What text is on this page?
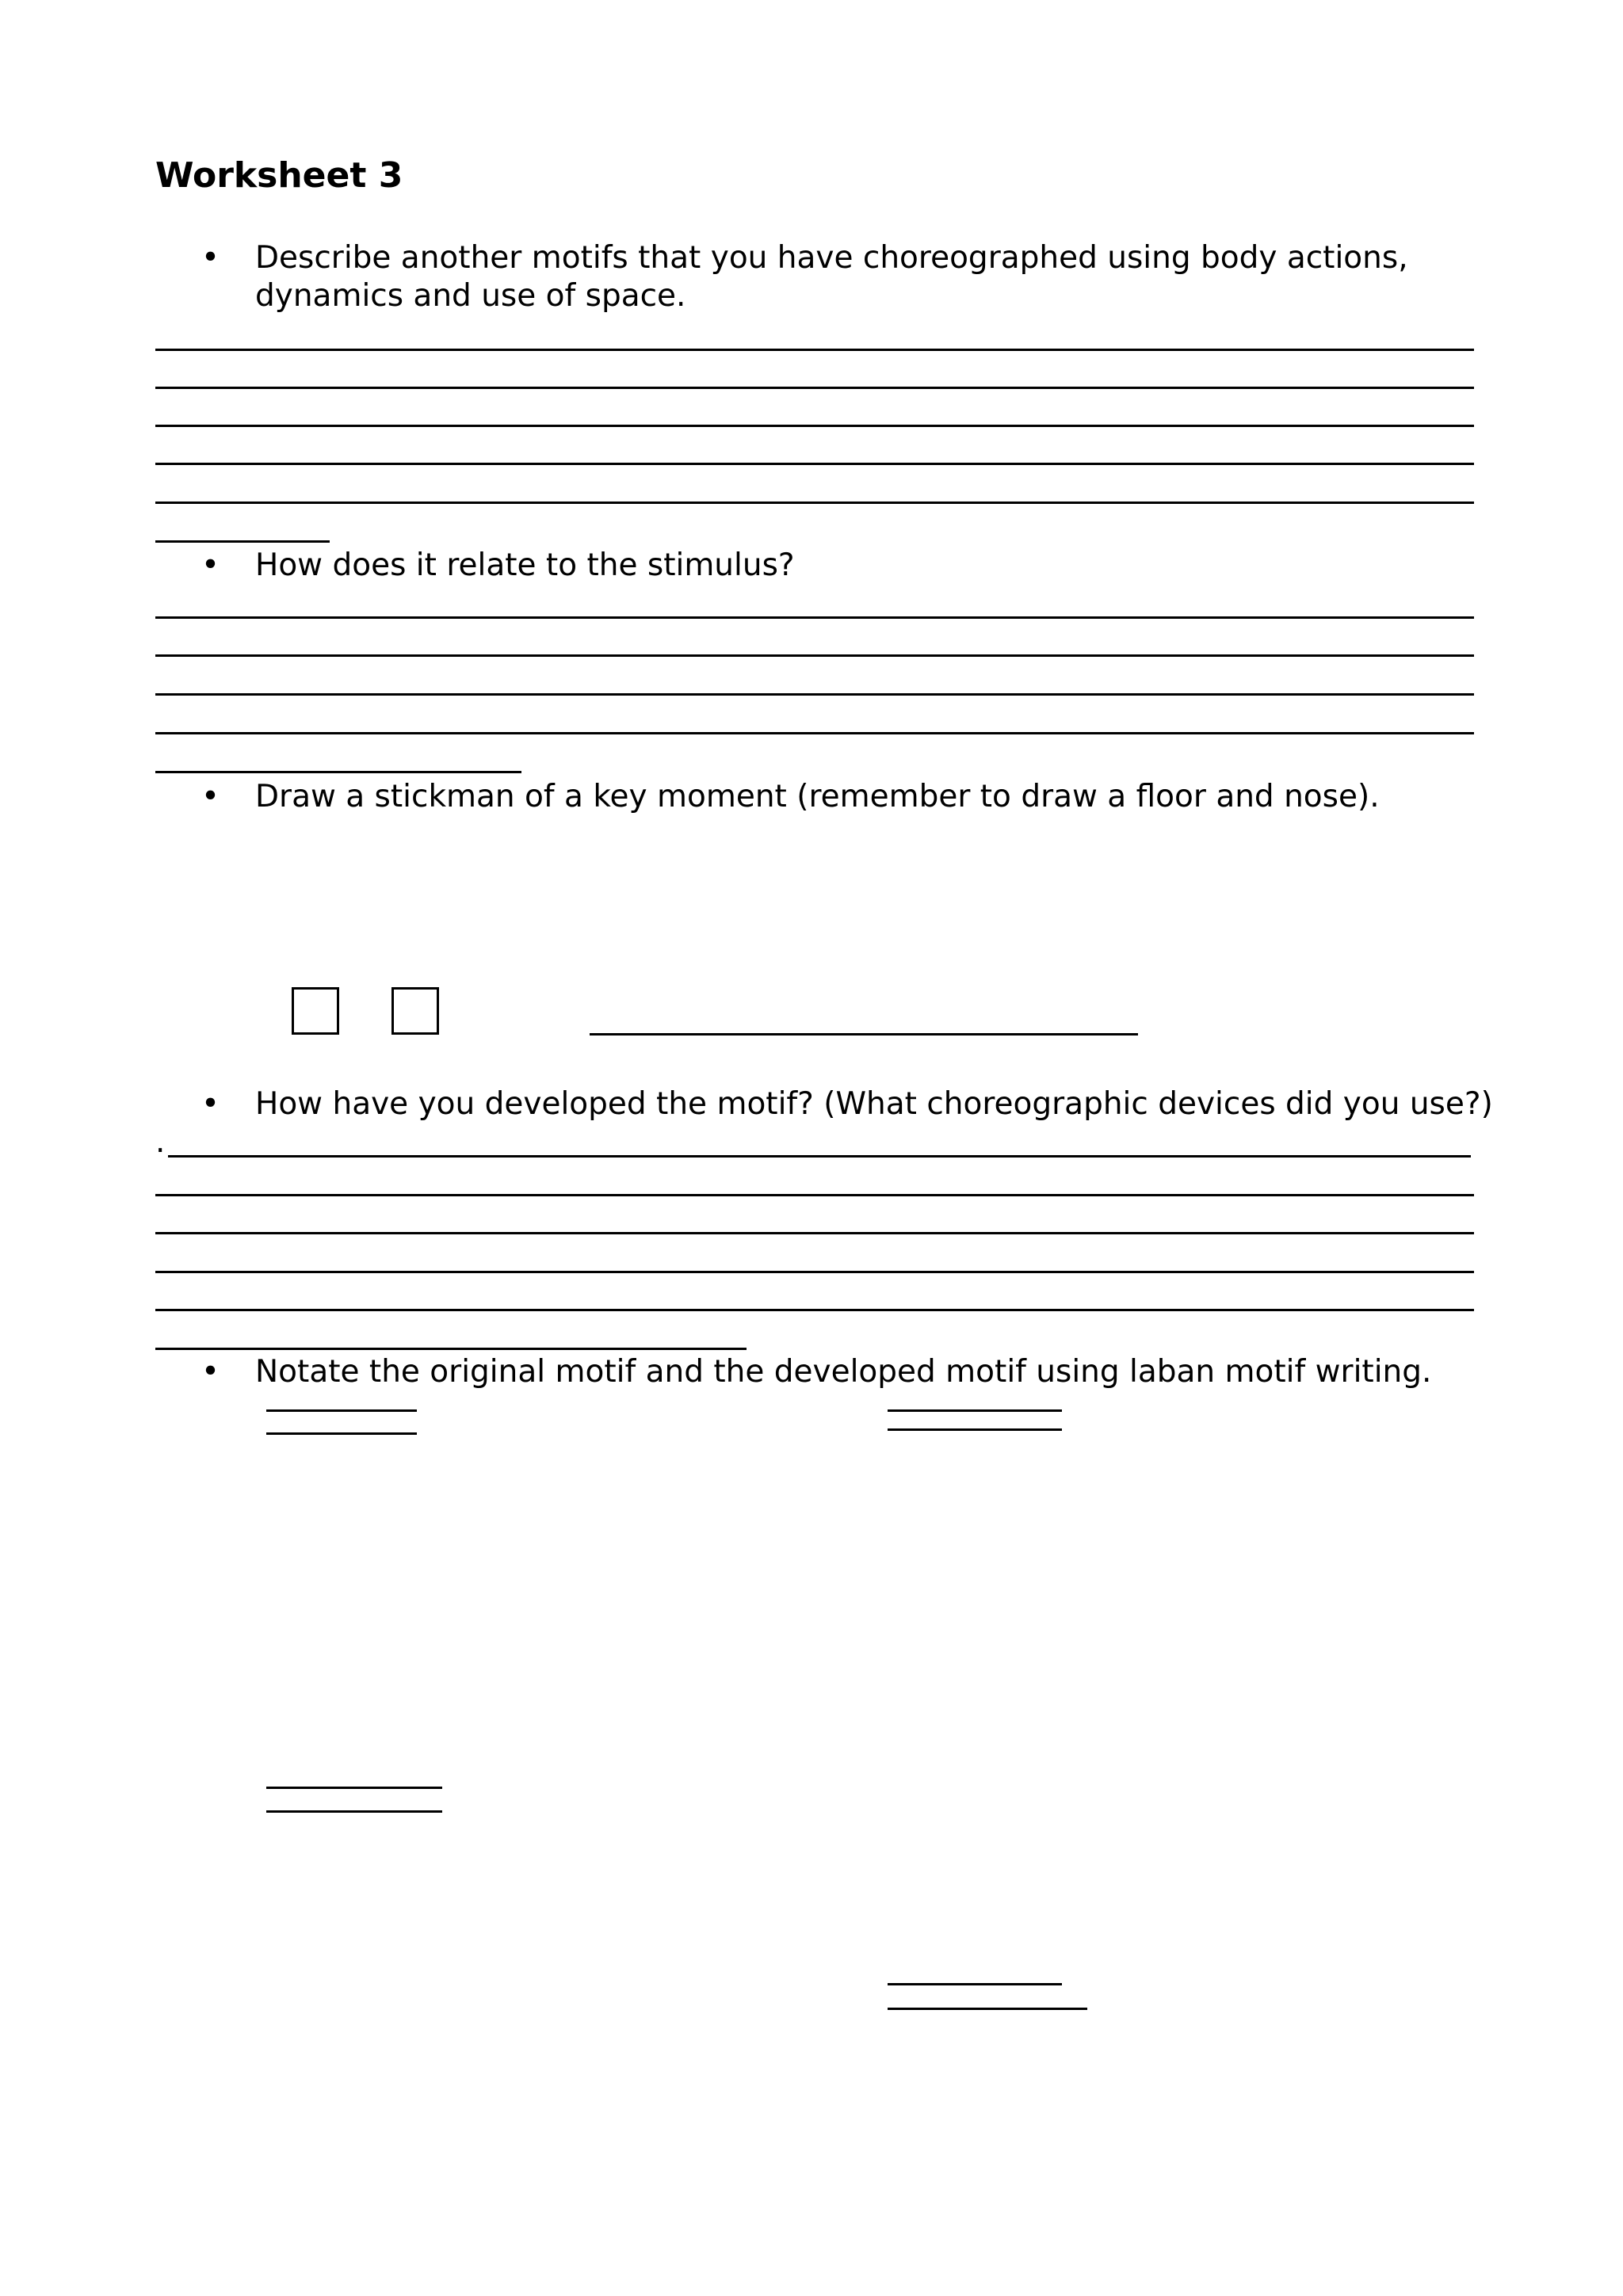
Worksheet 3
• Describe another motifs that you have choreographed using body actions,
dynamics and use of space.
• How does it relate to the stimulus?
• Draw a stickman of a key moment (remember to draw a floor and nose).
• How have you developed the motif? (What choreographic devices did you use?)
.
• Notate the original motif and the developed motif using laban motif writing.
